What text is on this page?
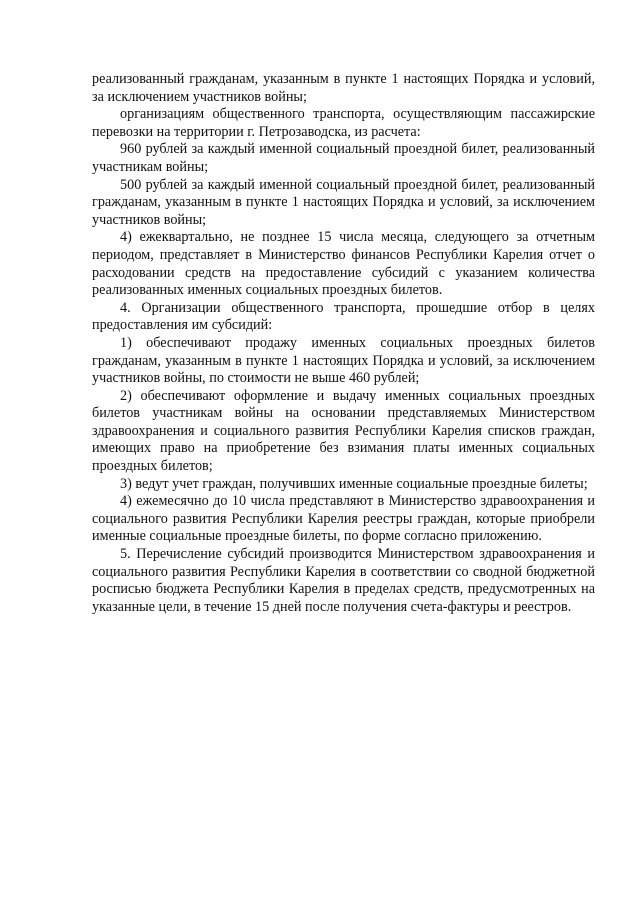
реализованный гражданам, указанным в пункте 1 настоящих Порядка и условий, за исключением участников войны;

организациям общественного транспорта, осуществляющим пассажирские перевозки на территории г. Петрозаводска, из расчета:

960 рублей за каждый именной социальный проездной билет, реализованный участникам войны;

500 рублей за каждый именной социальный проездной билет, реализованный гражданам, указанным в пункте 1 настоящих Порядка и условий, за исключением участников войны;

4) ежеквартально, не позднее 15 числа месяца, следующего за отчетным периодом, представляет в Министерство финансов Республики Карелия отчет о расходовании средств на предоставление субсидий с указанием количества реализованных именных социальных проездных билетов.

4. Организации общественного транспорта, прошедшие отбор в целях предоставления им субсидий:

1) обеспечивают продажу именных социальных проездных билетов гражданам, указанным в пункте 1 настоящих Порядка и условий, за исключением участников войны, по стоимости не выше 460 рублей;

2) обеспечивают оформление и выдачу именных социальных проездных билетов участникам войны на основании представляемых Министерством здравоохранения и социального развития Республики Карелия списков граждан, имеющих право на приобретение без взимания платы именных социальных проездных билетов;

3) ведут учет граждан, получивших именные социальные проездные билеты;

4) ежемесячно до 10 числа представляют в Министерство здравоохранения и социального развития Республики Карелия реестры граждан, которые приобрели именные социальные проездные билеты, по форме согласно приложению.

5. Перечисление субсидий производится Министерством здравоохранения и социального развития Республики Карелия в соответствии со сводной бюджетной росписью бюджета Республики Карелия в пределах средств, предусмотренных на указанные цели, в течение 15 дней после получения счета-фактуры и реестров.
